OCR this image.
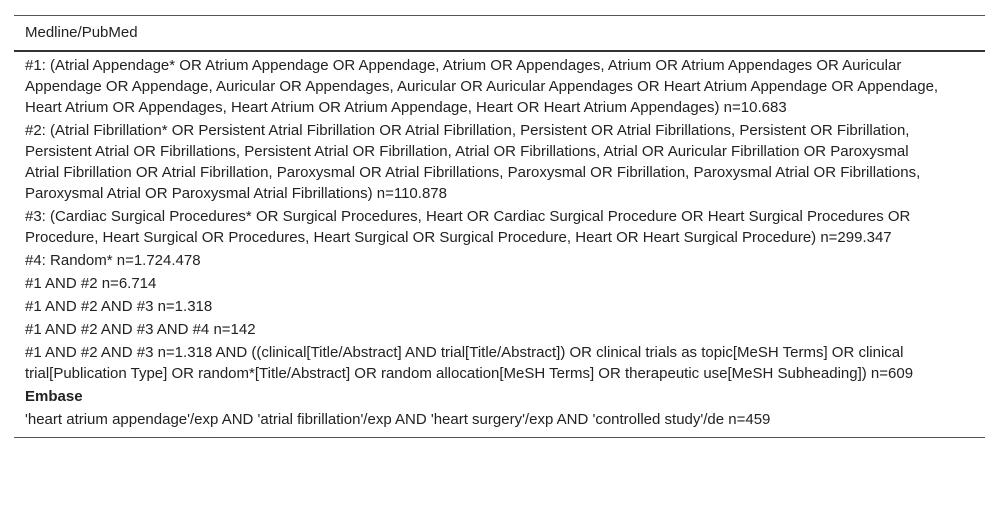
Medline/PubMed

#1: (Atrial Appendage* OR Atrium Appendage OR Appendage, Atrium OR Appendages, Atrium OR Atrium Appendages OR Auricular Appendage OR Appendage, Auricular OR Appendages, Auricular OR Auricular Appendages OR Heart Atrium Appendage OR Appendage, Heart Atrium OR Appendages, Heart Atrium OR Atrium Appendage, Heart OR Heart Atrium Appendages) n=10.683

#2: (Atrial Fibrillation* OR Persistent Atrial Fibrillation OR Atrial Fibrillation, Persistent OR Atrial Fibrillations, Persistent OR Fibrillation, Persistent Atrial OR Fibrillations, Persistent Atrial OR Fibrillation, Atrial OR Fibrillations, Atrial OR Auricular Fibrillation OR Paroxysmal Atrial Fibrillation OR Atrial Fibrillation, Paroxysmal OR Atrial Fibrillations, Paroxysmal OR Fibrillation, Paroxysmal Atrial OR Fibrillations, Paroxysmal Atrial OR Paroxysmal Atrial Fibrillations) n=110.878

#3: (Cardiac Surgical Procedures* OR Surgical Procedures, Heart OR Cardiac Surgical Procedure OR Heart Surgical Procedures OR Procedure, Heart Surgical OR Procedures, Heart Surgical OR Surgical Procedure, Heart OR Heart Surgical Procedure) n=299.347

#4: Random* n=1.724.478

#1 AND #2 n=6.714

#1 AND #2 AND #3 n=1.318

#1 AND #2 AND #3 AND #4 n=142

#1 AND #2 AND #3 n=1.318 AND ((clinical[Title/Abstract] AND trial[Title/Abstract]) OR clinical trials as topic[MeSH Terms] OR clinical trial[Publication Type] OR random*[Title/Abstract] OR random allocation[MeSH Terms] OR therapeutic use[MeSH Subheading]) n=609

Embase

'heart atrium appendage'/exp AND 'atrial fibrillation'/exp AND 'heart surgery'/exp AND 'controlled study'/de n=459
